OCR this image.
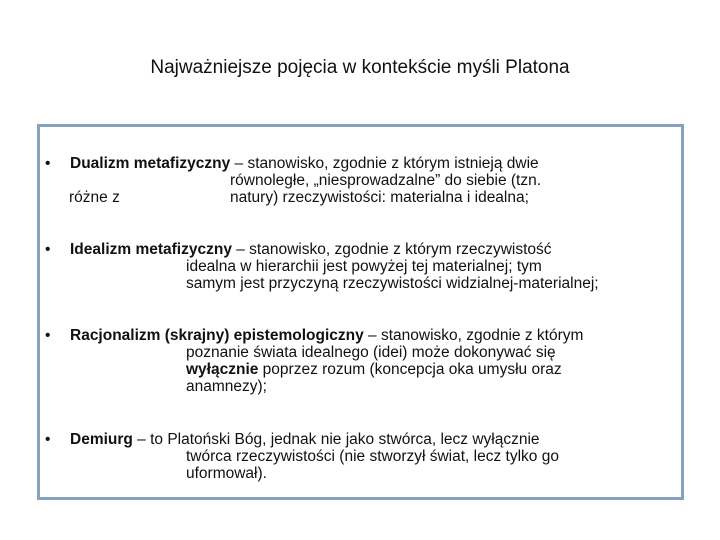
Najważniejsze pojęcia w kontekście myśli Platona
• Dualizm metafizyczny – stanowisko, zgodnie z którym istnieją dwie
równoległe, „niesprowadzalne” do siebie (tzn.
różne z	natury) rzeczywistości: materialna i idealna;
• Idealizm metafizyczny – stanowisko, zgodnie z którym rzeczywistość
idealna w hierarchii jest powyżej tej materialnej; tym
samym jest przyczyną rzeczywistości widzialnej-materialnej;
• Racjonalizm (skrajny) epistemologiczny – stanowisko, zgodnie z którym
poznanie świata idealnego (idei) może dokonywać się
wyłącznie poprzez rozum (koncepcja oka umysłu oraz
anamnezy);
• Demiurg – to Platoński Bóg, jednak nie jako stwórca, lecz wyłącznie
twórca rzeczywistości (nie stworzył świat, lecz tylko go
uformował).
